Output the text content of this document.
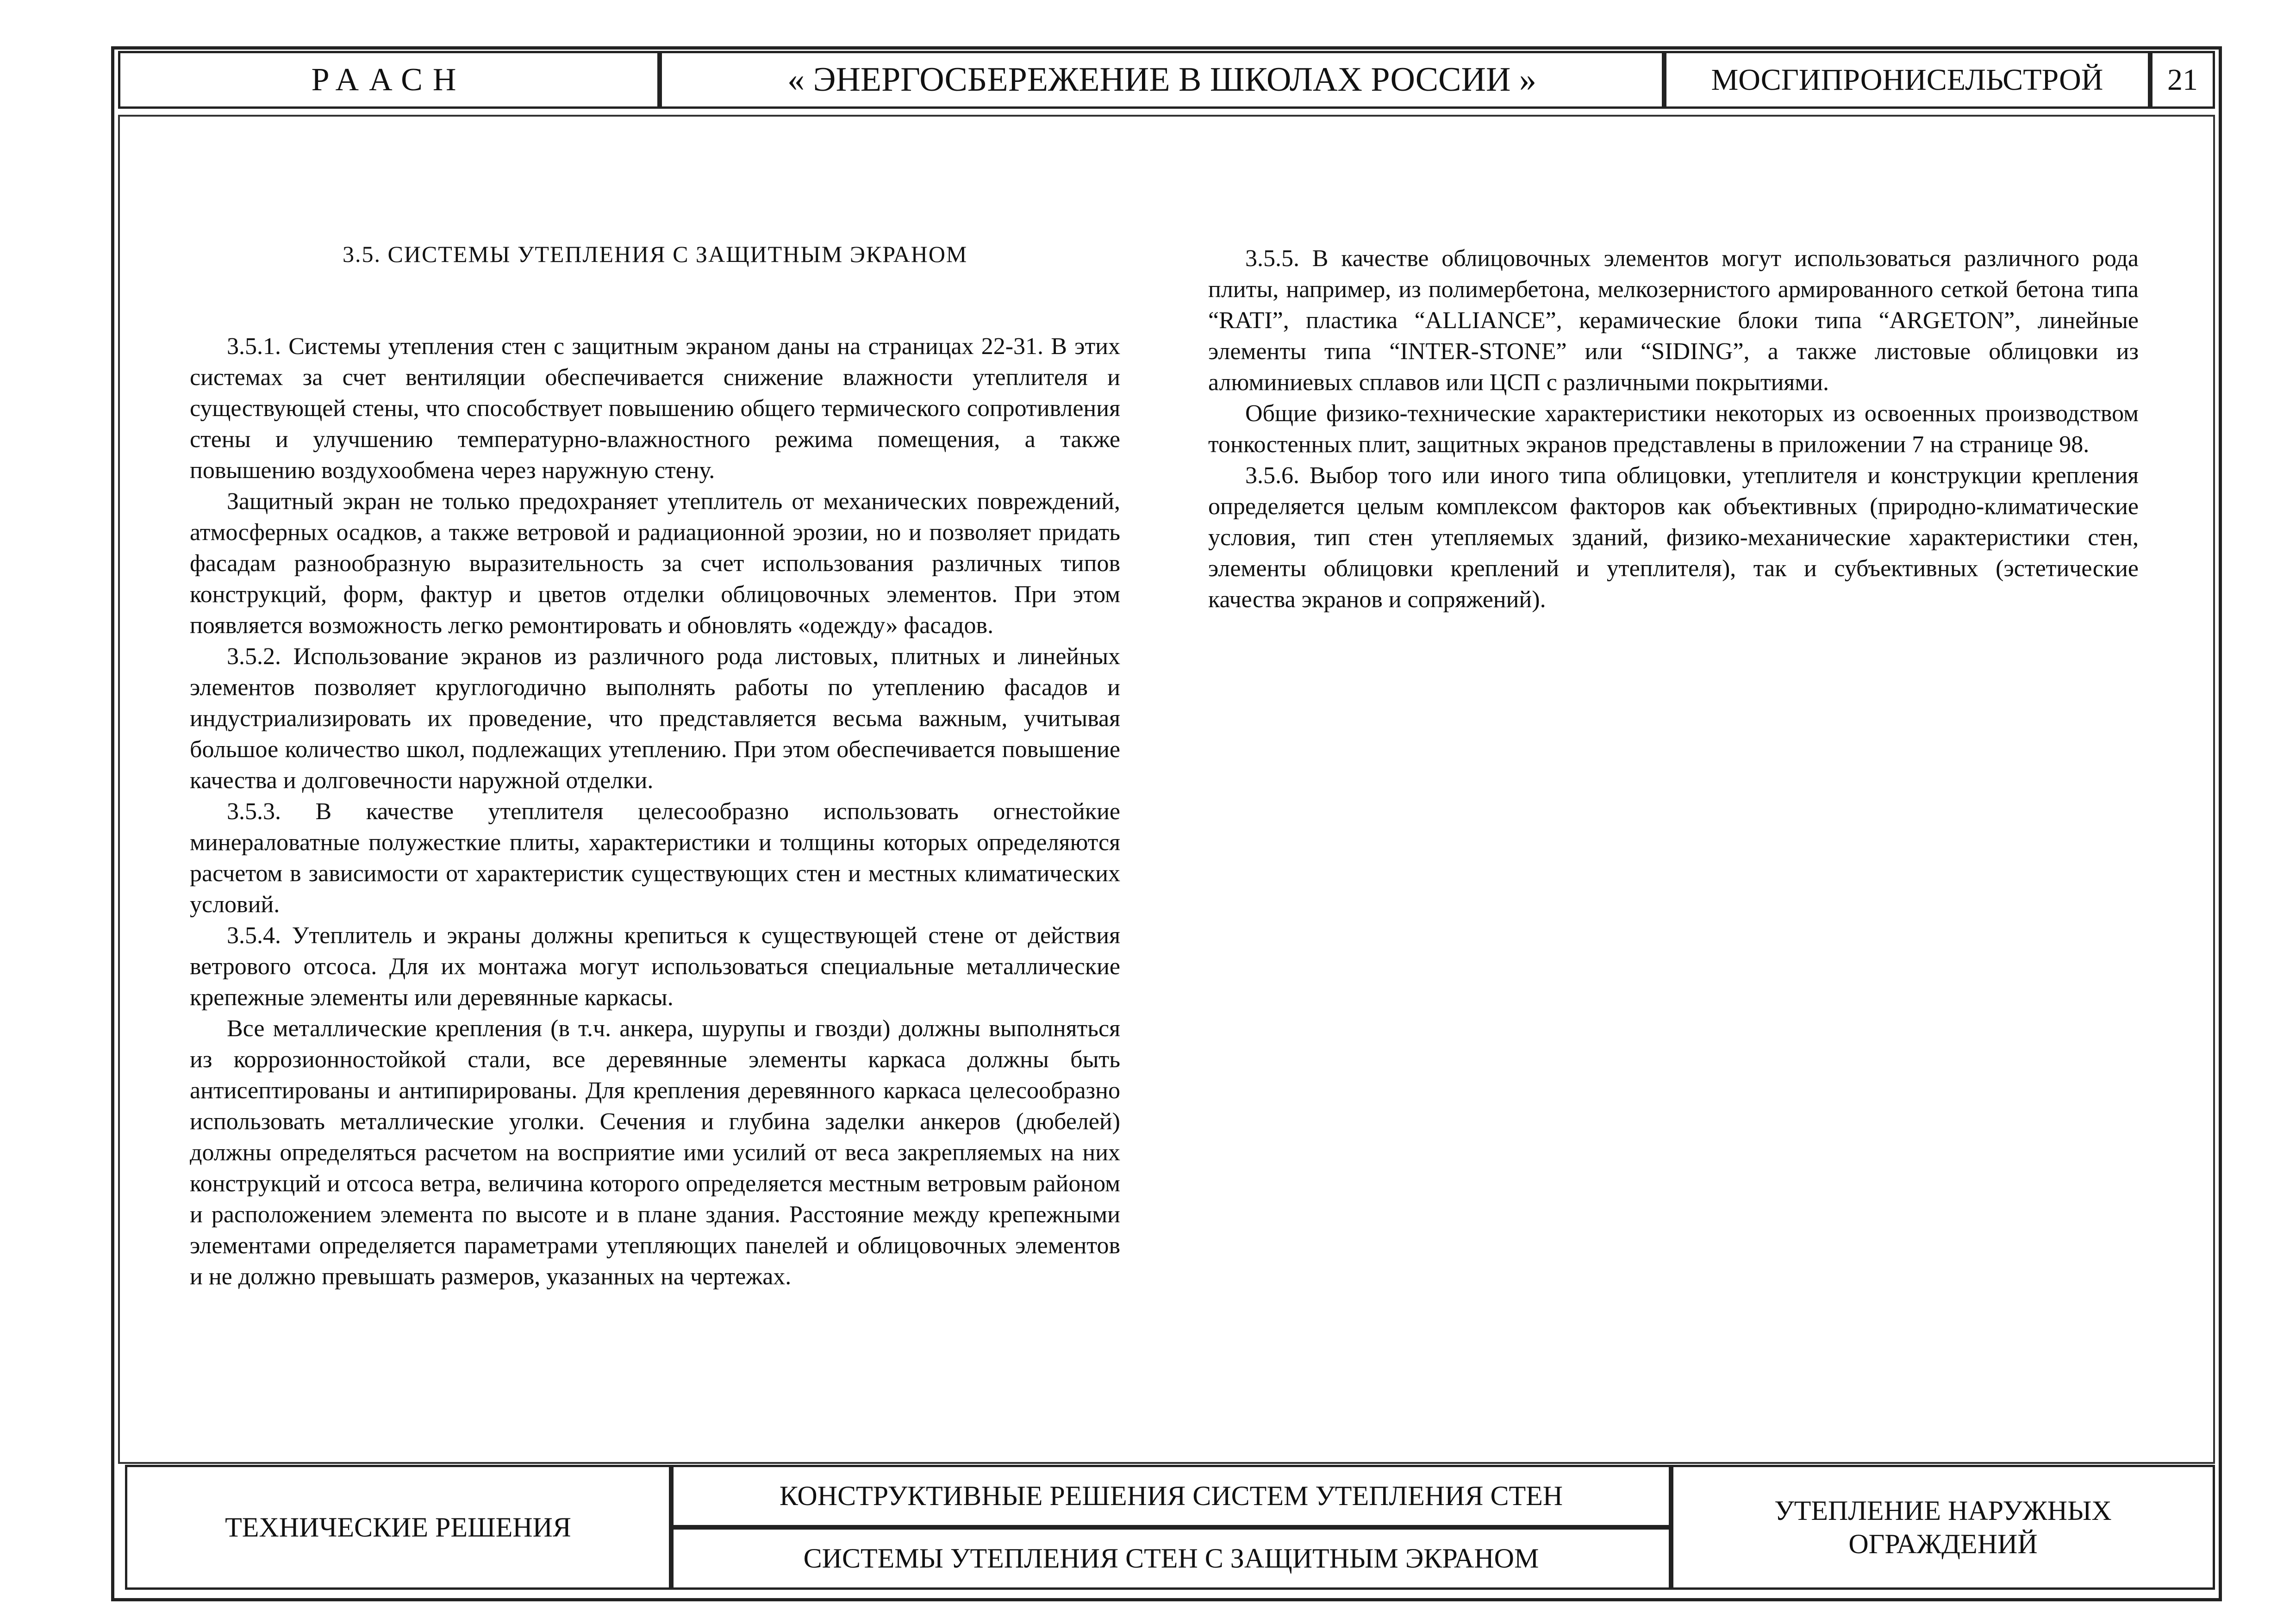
РААСН	« ЭНЕРГОСБЕРЕЖЕНИЕ В ШКОЛАХ РОССИИ »	МОСГИПРОНИСЕЛЬСТРОЙ 21
3.5. СИСТЕМЫ УТЕПЛЕНИЯ С ЗАЩИТНЫМ ЭКРАНОМ

3.5.1. Системы утепления стен с защитным экраном даны на страницах 22-31. В этих системах за счет вентиляции обеспечивается снижение влажности утеплителя и существующей стены, что способствует повышению общего термического сопротивления стены и улучшению температурно-влажностного режима помещения, а также повышению воздухообмена через наружную стену.

Защитный экран не только предохраняет утеплитель от механических повреждений, атмосферных осадков, а также ветровой и радиационной эрозии, но и позволяет придать фасадам разнообразную выразительность за счет использования различных типов конструкций, форм, фактур и цветов отделки облицовочных элементов. При этом появляется возможность легко ремонтировать и обновлять «одежду» фасадов.

3.5.2. Использование экранов из различного рода листовых, плитных и линейных элементов позволяет круглогодично выполнять работы по утеплению фасадов и индустриализировать их проведение, что представляется весьма важным, учитывая большое количество школ, подлежащих утеплению. При этом обеспечивается повышение качества и долговечности наружной отделки.

3.5.3. В качестве утеплителя целесообразно использовать огнестойкие минераловатные полужесткие плиты, характеристики и толщины которых определяются расчетом в зависимости от характеристик существующих стен и местных климатических условий.

3.5.4. Утеплитель и экраны должны крепиться к существующей стене от действия ветрового отсоса. Для их монтажа могут использоваться специальные металлические крепежные элементы или деревянные каркасы.

Все металлические крепления (в т.ч. анкера, шурупы и гвозди) должны выполняться из коррозионностойкой стали, все деревянные элементы каркаса должны быть антисептированы и антипирированы. Для крепления деревянного каркаса целесообразно использовать металлические уголки. Сечения и глубина заделки анкеров (дюбелей) должны определяться расчетом на восприятие ими усилий от веса закрепляемых на них конструкций и отсоса ветра, величина которого определяется местным ветровым районом и расположением элемента по высоте и в плане здания. Расстояние между крепежными элементами определяется параметрами утепляющих панелей и облицовочных элементов и не должно превышать размеров, указанных на чертежах.

3.5.5. В качестве облицовочных элементов могут использоваться различного рода плиты, например, из полимербетона, мелкозернистого армированного сеткой бетона типа “RATI”, пластика “ALLIANCE”, керамические блоки типа “ARGETON”, линейные элементы типа “INTER-STONE” или “SIDING”, а также листовые облицовки из алюминиевых сплавов или ЦСП с различными покрытиями.

Общие физико-технические характеристики некоторых из освоенных производством тонкостенных плит, защитных экранов представлены в приложении 7 на странице 98.

3.5.6. Выбор того или иного типа облицовки, утеплителя и конструкции крепления определяется целым комплексом факторов как объективных (природно-климатические условия, тип стен утепляемых зданий, физико-механические характеристики стен, элементы облицовки креплений и утеплителя), так и субъективных (эстетические качества экранов и сопряжений).

ТЕХНИЧЕСКИЕ РЕШЕНИЯ
КОНСТРУКТИВНЫЕ РЕШЕНИЯ СИСТЕМ УТЕПЛЕНИЯ СТЕН
СИСТЕМЫ УТЕПЛЕНИЯ СТЕН С ЗАЩИТНЫМ ЭКРАНОМ
УТЕПЛЕНИЕ НАРУЖНЫХ ОГРАЖДЕНИЙ
